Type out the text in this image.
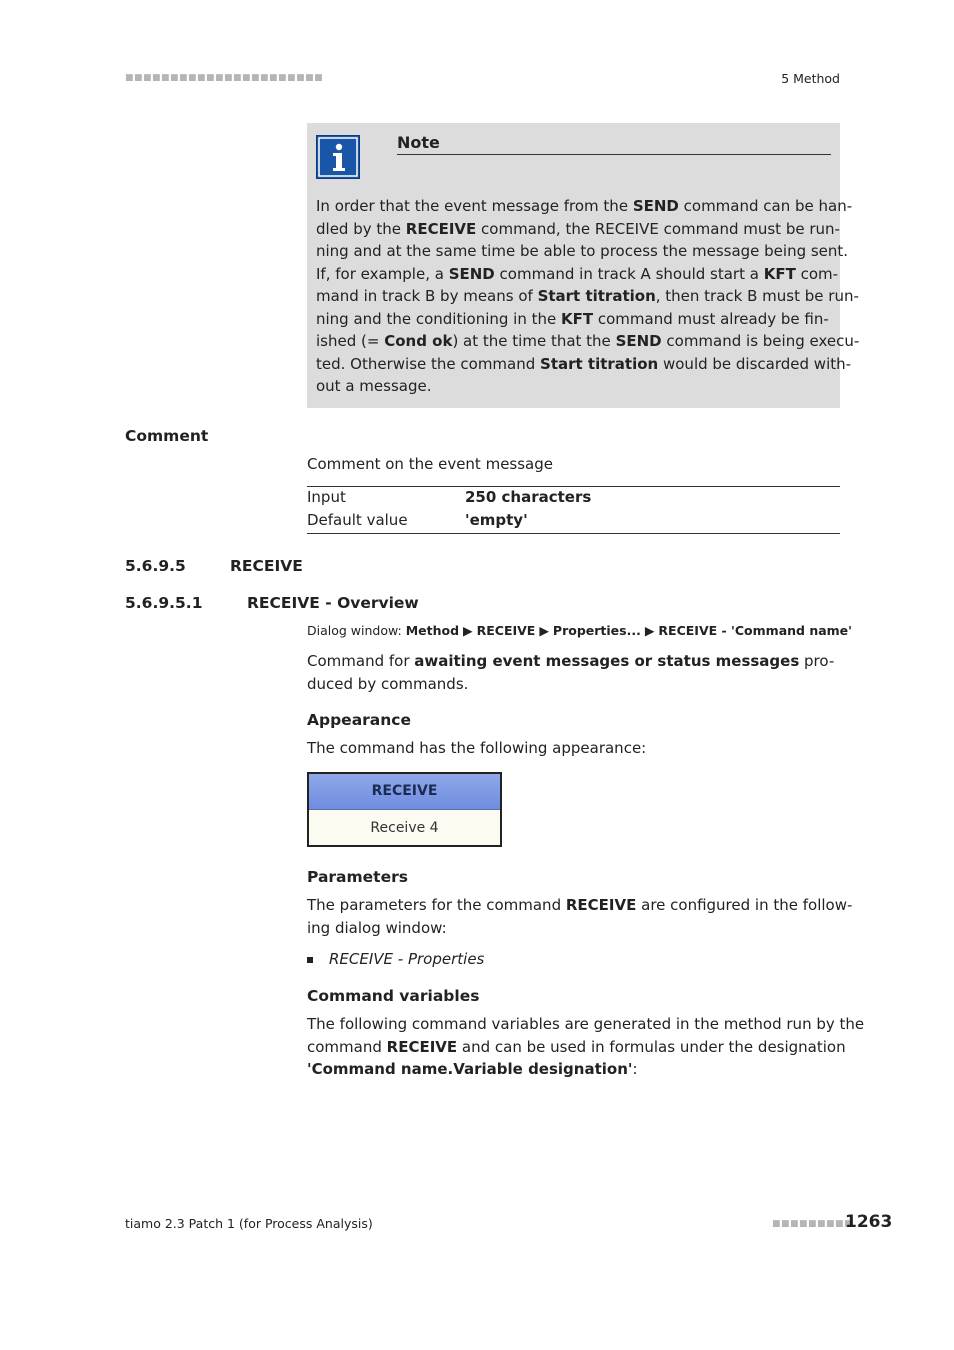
■■■■■■■■■■■■■■■■■■■■■■	5 Method
Note
In order that the event message from the SEND command can be han-
dled by the RECEIVE command, the RECEIVE command must be run-
ning and at the same time be able to process the message being sent.
If, for example, a SEND command in track A should start a KFT com-
mand in track B by means of Start titration, then track B must be run-
ning and the conditioning in the KFT command must already be fin-
ished (= Cond ok) at the time that the SEND command is being execu-
ted. Otherwise the command Start titration would be discarded with-
out a message.
Comment
Comment on the event message
Input	250 characters
Default value	'empty'
5.6.9.5	RECEIVE
5.6.9.5.1	RECEIVE - Overview
Dialog window: Method ▶ RECEIVE ▶ Properties... ▶ RECEIVE - 'Command name'
Command for awaiting event messages or status messages pro-
duced by commands.
Appearance
The command has the following appearance:
RECEIVE
Receive 4
Parameters
The parameters for the command RECEIVE are configured in the follow-
ing dialog window:
RECEIVE - Properties
Command variables
The following command variables are generated in the method run by the
command RECEIVE and can be used in formulas under the designation
'Command name.Variable designation':
tiamo 2.3 Patch 1 (for Process Analysis)	■■■■■■■■■
1263
